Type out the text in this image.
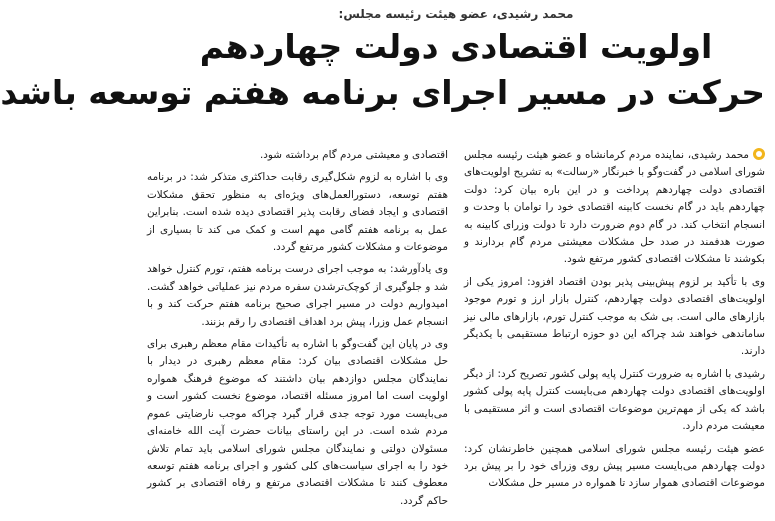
محمد رشیدی، عضو هیئت رئیسه مجلس:
اولویت اقتصادی دولت چهاردهم
حرکت در مسیر اجرای برنامه هفتم توسعه باشد

محمد رشیدی، نماینده مردم کرمانشاه و عضو هیئت رئیسه مجلس شورای اسلامی در گفت‌وگو با خبرنگار «رسالت» به تشریح اولویت‌های اقتصادی دولت چهاردهم پرداخت و در این باره بیان کرد: دولت چهاردهم باید در گام نخست کابینه اقتصادی خود را توامان با وحدت و انسجام انتخاب کند. در گام دوم ضرورت دارد تا دولت وزرای کابینه به صورت هدفمند در صدد حل مشکلات معیشتی مردم گام بردارند و بکوشند تا مشکلات اقتصادی کشور مرتفع شود.

وی با تأکید بر لزوم پیش‌بینی پذیر بودن اقتصاد افزود: امروز یکی از اولویت‌های اقتصادی دولت چهاردهم، کنترل بازار ارز و تورم موجود بازارهای مالی است. بی شک به موجب کنترل تورم، بازارهای مالی نیز ساماندهی خواهند شد چراکه این دو حوزه ارتباط مستقیمی با یکدیگر دارند.

رشیدی با اشاره به ضرورت کنترل پایه پولی کشور تصریح کرد: از دیگر اولویت‌های اقتصادی دولت چهاردهم می‌بایست کنترل پایه پولی کشور باشد که یکی از مهم‌ترین موضوعات اقتصادی است و اثر مستقیمی با معیشت مردم دارد.

عضو هیئت رئیسه مجلس شورای اسلامی همچنین خاطرنشان کرد: دولت چهاردهم می‌بایست مسیر پیش روی وزرای خود را بر پیش برد موضوعات اقتصادی هموار سازد تا همواره در مسیر حل مشکلات

اقتصادی و معیشتی مردم گام برداشته شود.

وی با اشاره به لزوم شکل‌گیری رقابت حداکثری متذکر شد: در برنامه هفتم توسعه، دستورالعمل‌های ویژه‌ای به منظور تحقق مشکلات اقتصادی و ایجاد فضای رقابت پذیر اقتصادی دیده شده است. بنابراین عمل به برنامه هفتم گامی مهم است و کمک می کند تا بسیاری از موضوعات و مشکلات کشور مرتفع گردد.

وی یادآورشد: به موجب اجرای درست برنامه هفتم، تورم کنترل خواهد شد و جلوگیری از کوچک‌ترشدن سفره مردم نیز عملیاتی خواهد گشت. امیدواریم دولت در مسیر اجرای صحیح برنامه هفتم حرکت کند و با انسجام عمل وزرا، پیش برد اهداف اقتصادی را رقم بزنند.

وی در پایان این گفت‌وگو با اشاره به تأکیدات مقام معظم رهبری برای حل مشکلات اقتصادی بیان کرد: مقام معظم رهبری در دیدار با نمایندگان مجلس دوازدهم بیان داشتند که موضوع فرهنگ همواره اولویت است اما امروز مسئله اقتصاد، موضوع نخست کشور است و می‌بایست مورد توجه جدی قرار گیرد چراکه موجب نارضایتی عموم مردم شده است. در این راستای بیانات حضرت آیت الله خامنه‌ای مسئولان دولتی و نمایندگان مجلس شورای اسلامی باید تمام تلاش خود را به اجرای سیاست‌های کلی کشور و اجرای برنامه هفتم توسعه معطوف کنند تا مشکلات اقتصادی مرتفع و رفاه اقتصادی بر کشور حاکم گردد.
